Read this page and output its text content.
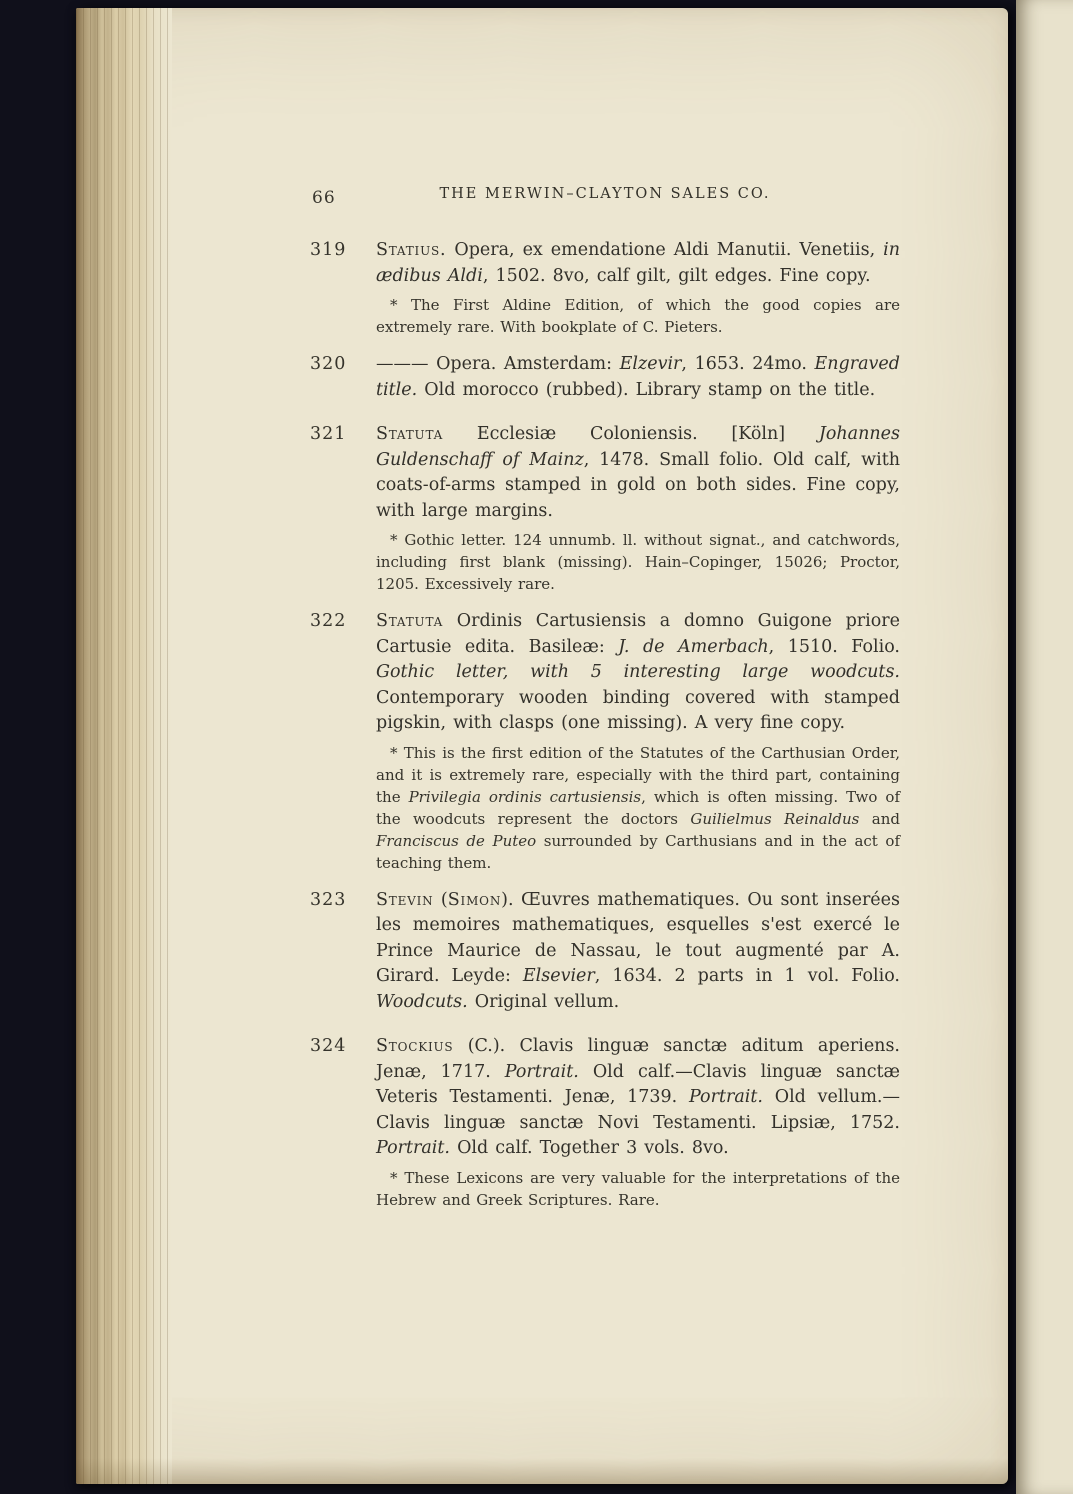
66	THE MERWIN–CLAYTON SALES CO.
319	Statius. Opera, ex emendatione Aldi Manutii. Venetiis, in ædibus Aldi, 1502. 8vo, calf gilt, gilt edges. Fine copy.

* The First Aldine Edition, of which the good copies are extremely rare. With bookplate of C. Pieters.

320	——— Opera. Amsterdam: Elzevir, 1653. 24mo. Engraved title. Old morocco (rubbed). Library stamp on the title.

321	Statuta Ecclesiæ Coloniensis. [Köln] Johannes Guldenschaff of Mainz, 1478. Small folio. Old calf, with coats-of-arms stamped in gold on both sides. Fine copy, with large margins.

* Gothic letter. 124 unnumb. ll. without signat., and catchwords, including first blank (missing). Hain–Copinger, 15026; Proctor, 1205. Excessively rare.

322	Statuta Ordinis Cartusiensis a domno Guigone priore Cartusie edita. Basileæ: J. de Amerbach, 1510. Folio. Gothic letter, with 5 interesting large woodcuts. Contemporary wooden binding covered with stamped pigskin, with clasps (one missing). A very fine copy.

* This is the first edition of the Statutes of the Carthusian Order, and it is extremely rare, especially with the third part, containing the Privilegia ordinis cartusiensis, which is often missing. Two of the woodcuts represent the doctors Guilielmus Reinaldus and Franciscus de Puteo surrounded by Carthusians and in the act of teaching them.

323	Stevin (Simon). Œuvres mathematiques. Ou sont inserées les memoires mathematiques, esquelles s'est exercé le Prince Maurice de Nassau, le tout augmenté par A. Girard. Leyde: Elsevier, 1634. 2 parts in 1 vol. Folio. Woodcuts. Original vellum.

324	Stockius (C.). Clavis linguæ sanctæ aditum aperiens. Jenæ, 1717. Portrait. Old calf.—Clavis linguæ sanctæ Veteris Testamenti. Jenæ, 1739. Portrait. Old vellum.—Clavis linguæ sanctæ Novi Testamenti. Lipsiæ, 1752. Portrait. Old calf. Together 3 vols. 8vo.

* These Lexicons are very valuable for the interpretations of the Hebrew and Greek Scriptures. Rare.
